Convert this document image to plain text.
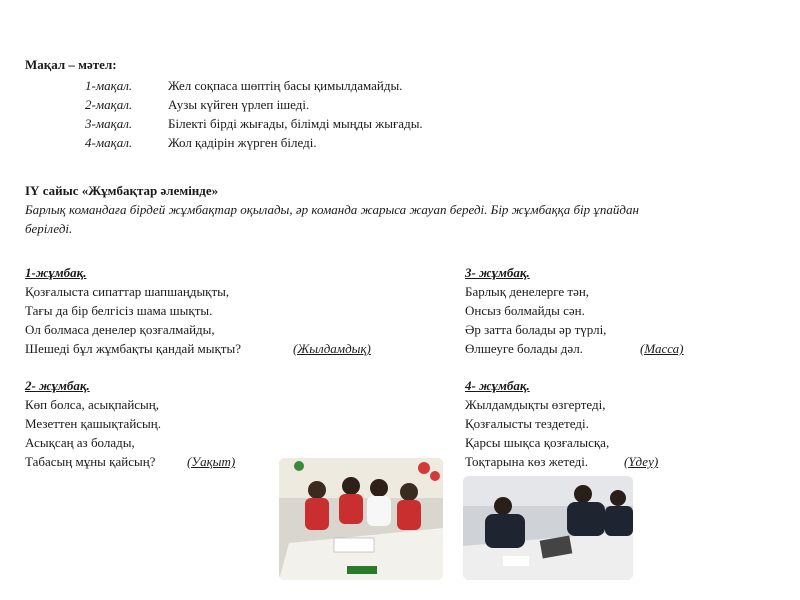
Мақал – мәтел:
1-мақал.	Жел соқпаса шөптің басы қимылдамайды.
2-мақал.	Аузы күйген үрлеп ішеді.
3-мақал.	Білекті бірді жығады, білімді мыңды жығады.
4-мақал.	Жол қадірін жүрген біледі.
ІҮ сайыс «Жұмбақтар әлемінде»
Барлық командаға бірдей жұмбақтар оқылады, әр команда жарыса жауап береді. Бір жұмбаққа бір ұпайдан
беріледі.
1-жұмбақ.
Қозғалыста сипаттар шапшаңдықты,
Тағы да бір белгісіз шама шықты.
Ол болмаса денелер қозғалмайды,
Шешеді бұл жұмбақты қандай мықты?	(Жылдамдық)
2- жұмбақ.
Көп болса, асықпайсың,
Мезеттен қашықтайсың.
Асықсаң аз болады,
Табасың мұны қайсың? (Уақыт)
3- жұмбақ.
Барлық денелерге тән,
Онсыз болмайды сән.
Әр затта болады әр түрлі,
Өлшеуге болады дәл.	(Масса)
4- жұмбақ.
Жылдамдықты өзгертеді,
Қозғалысты тездетеді.
Қарсы шықса қозғалысқа,
Тоқтарына көз жетеді.	(Үдеу)
